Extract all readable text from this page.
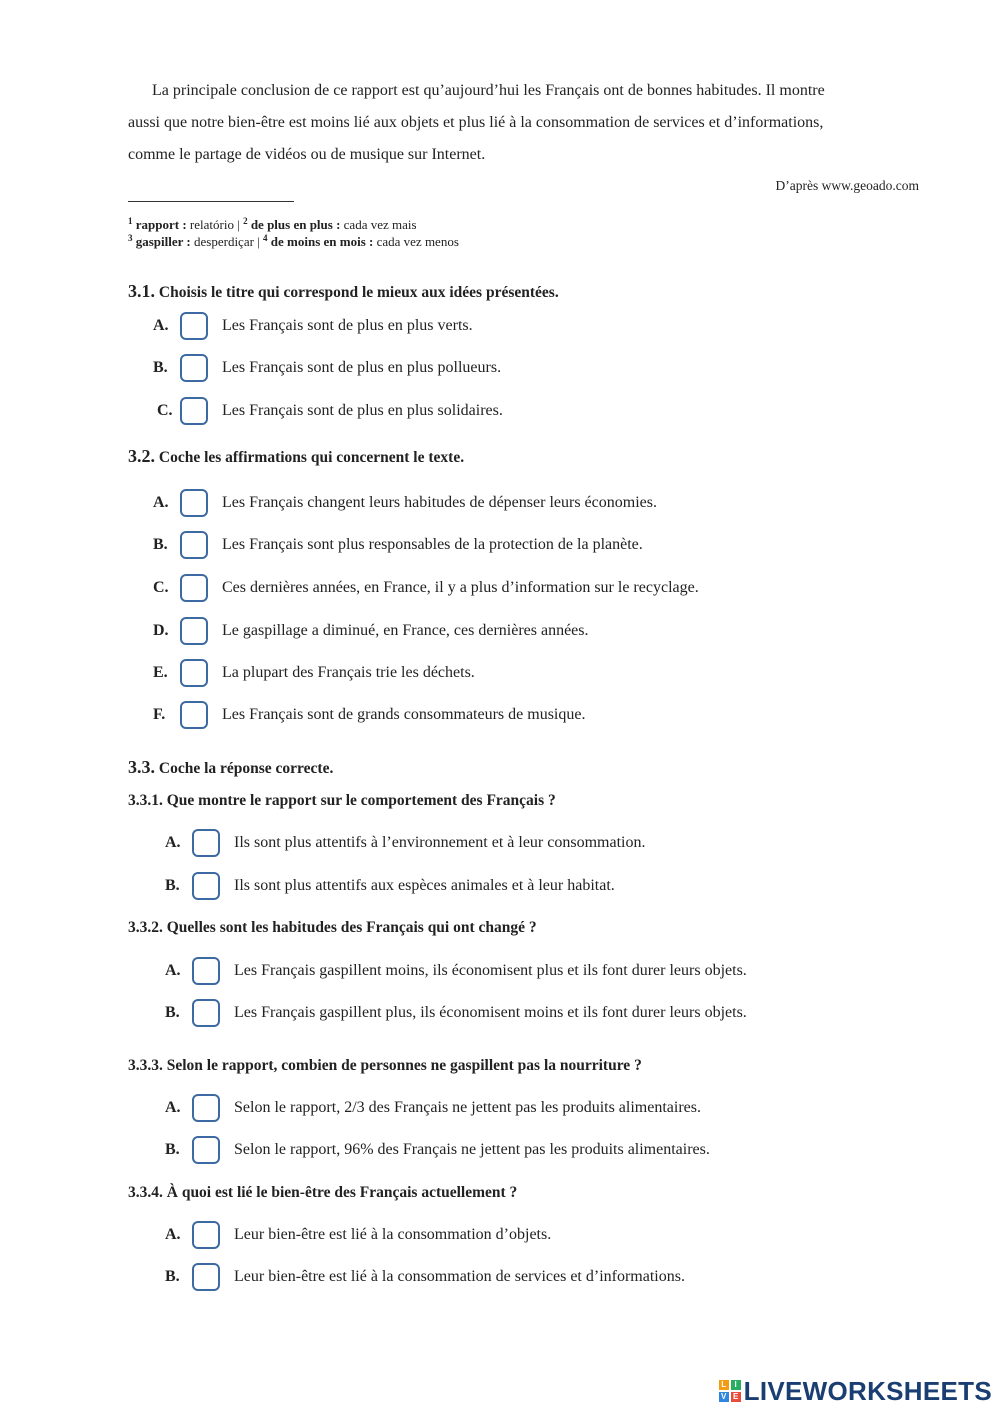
La principale conclusion de ce rapport est qu’aujourd’hui les Français ont de bonnes habitudes. Il montre
aussi que notre bien-être est moins lié aux objets et plus lié à la consommation de services et d’informations,
comme le partage de vidéos ou de musique sur Internet.
D’après www.geoado.com
$^1$ rapport : relatório | $^2$ de plus en plus : cada vez mais
$^3$ gaspiller : desperdiçar | $^4$ de moins en mois : cada vez menos
3.1. Choisis le titre qui correspond le mieux aux idées présentées.
A.	Les Français sont de plus en plus verts.
B.	Les Français sont de plus en plus pollueurs.
C.	Les Français sont de plus en plus solidaires.
3.2. Coche les affirmations qui concernent le texte.
A.	Les Français changent leurs habitudes de dépenser leurs économies.
B.	Les Français sont plus responsables de la protection de la planète.
C.	Ces dernières années, en France, il y a plus d’information sur le recyclage.
D.	Le gaspillage a diminué, en France, ces dernières années.
E.	La plupart des Français trie les déchets.
F.	Les Français sont de grands consommateurs de musique.
3.3. Coche la réponse correcte.
3.3.1. Que montre le rapport sur le comportement des Français ?
A.	Ils sont plus attentifs à l’environnement et à leur consommation.
B.	Ils sont plus attentifs aux espèces animales et à leur habitat.
3.3.2. Quelles sont les habitudes des Français qui ont changé ?
A.	Les Français gaspillent moins, ils économisent plus et ils font durer leurs objets.
B.	Les Français gaspillent plus, ils économisent moins et ils font durer leurs objets.
3.3.3. Selon le rapport, combien de personnes ne gaspillent pas la nourriture ?
A.	Selon le rapport, 2/3 des Français ne jettent pas les produits alimentaires.
B.	Selon le rapport, 96% des Français ne jettent pas les produits alimentaires.
3.3.4. À quoi est lié le bien-être des Français actuellement ?
A.	Leur bien-être est lié à la consommation d’objets.
B.	Leur bien-être est lié à la consommation de services et d’informations.
L	I
V E LIVEWORKSHEETS
